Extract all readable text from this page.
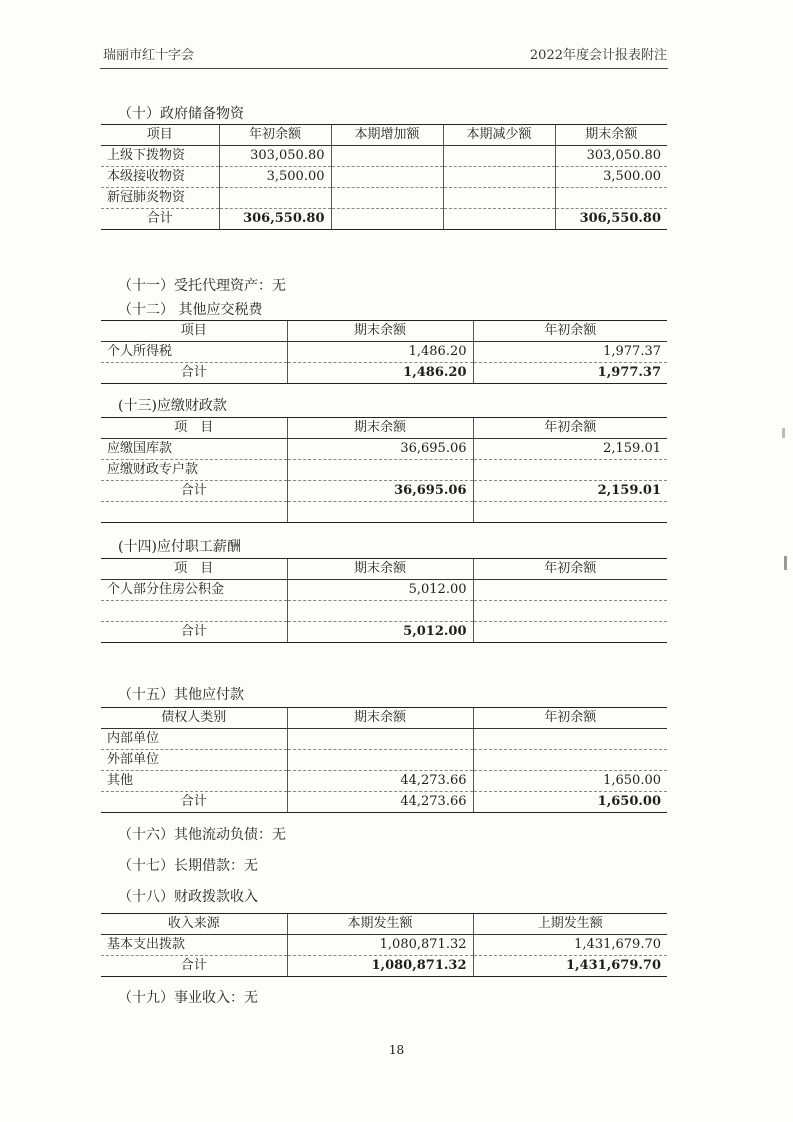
瑞丽市红十字会	2022年度会计报表附注
（十）政府储备物资
项目	年初余额	本期增加额	本期减少额	期末余额
上级下拨物资	303,050.80			303,050.80
本级接收物资	3,500.00			3,500.00
新冠肺炎物资				
合计	306,550.80			306,550.80
（十一）受托代理资产：无
（十二） 其他应交税费
项目	期末余额	年初余额
个人所得税	1,486.20	1,977.37
合计	1,486.20	1,977.37
(十三)应缴财政款
项　目	期末余额	年初余额
应缴国库款	36,695.06	2,159.01
应缴财政专户款		
合计	36,695.06	2,159.01

(十四)应付职工薪酬
项　目	期末余额	年初余额
个人部分住房公积金	5,012.00	

合计	5,012.00	
（十五）其他应付款
债权人类别	期末余额	年初余额
内部单位		
外部单位		
其他	44,273.66	1,650.00
合计	44,273.66	1,650.00
（十六）其他流动负债：无
（十七）长期借款：无
（十八）财政拨款收入
收入来源	本期发生额	上期发生额
基本支出拨款	1,080,871.32	1,431,679.70
合计	1,080,871.32	1,431,679.70
（十九）事业收入：无
18
